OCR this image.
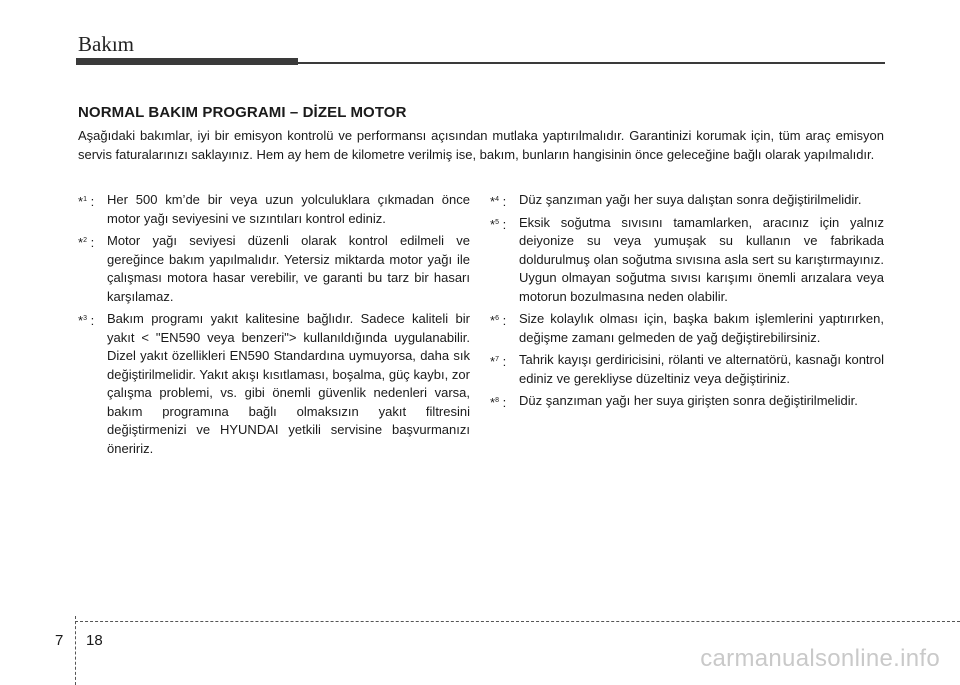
Bakım
NORMAL BAKIM PROGRAMI – DİZEL MOTOR

Aşağıdaki bakımlar, iyi bir emisyon kontrolü ve performansı açısından mutlaka yaptırılmalıdır. Garantinizi korumak için, tüm araç emisyon servis faturalarınızı saklayınız. Hem ay hem de kilometre verilmiş ise, bakım, bunların hangisinin önce geleceğine bağlı olarak yapılmalıdır.

*$^1$ : Her 500 km’de bir veya uzun yolculuklara çıkmadan önce motor yağı seviyesini ve sızıntıları kontrol ediniz.
*$^2$ : Motor yağı seviyesi düzenli olarak kontrol edilmeli ve gereğince bakım yapılmalıdır. Yetersiz miktarda motor yağı ile çalışması motora hasar verebilir, ve garanti bu tarz bir hasarı karşılamaz.
*$^3$ : Bakım programı yakıt kalitesine bağlıdır. Sadece kaliteli bir yakıt < "EN590 veya benzeri"> kullanıldığında uygulanabilir. Dizel yakıt özellikleri EN590 Standardına uymuyorsa, daha sık değiştirilmelidir. Yakıt akışı kısıtlaması, boşalma, güç kaybı, zor çalışma problemi, vs. gibi önemli güvenlik nedenleri varsa, bakım programına bağlı olmaksızın yakıt filtresini değiştirmenizi ve HYUNDAI yetkili servisine başvurmanızı öneririz.
*$^4$ : Düz şanzıman yağı her suya dalıştan sonra değiştirilmelidir.
*$^5$ : Eksik soğutma sıvısını tamamlarken, aracınız için yalnız deiyonize su veya yumuşak su kullanın ve fabrikada doldurulmuş olan soğutma sıvısına asla sert su karıştırmayınız. Uygun olmayan soğutma sıvısı karışımı önemli arızalara veya motorun bozulmasına neden olabilir.
*$^6$ : Size kolaylık olması için, başka bakım işlemlerini yaptırırken, değişme zamanı gelmeden de yağ değiştirebilirsiniz.
*$^7$ : Tahrik kayışı gerdiricisini, rölanti ve alternatörü, kasnağı kontrol ediniz ve gerekliyse düzeltiniz veya değiştiriniz.
*$^8$ : Düz şanzıman yağı her suya girişten sonra değiştirilmelidir.
7 18
carmanualsonline.info
